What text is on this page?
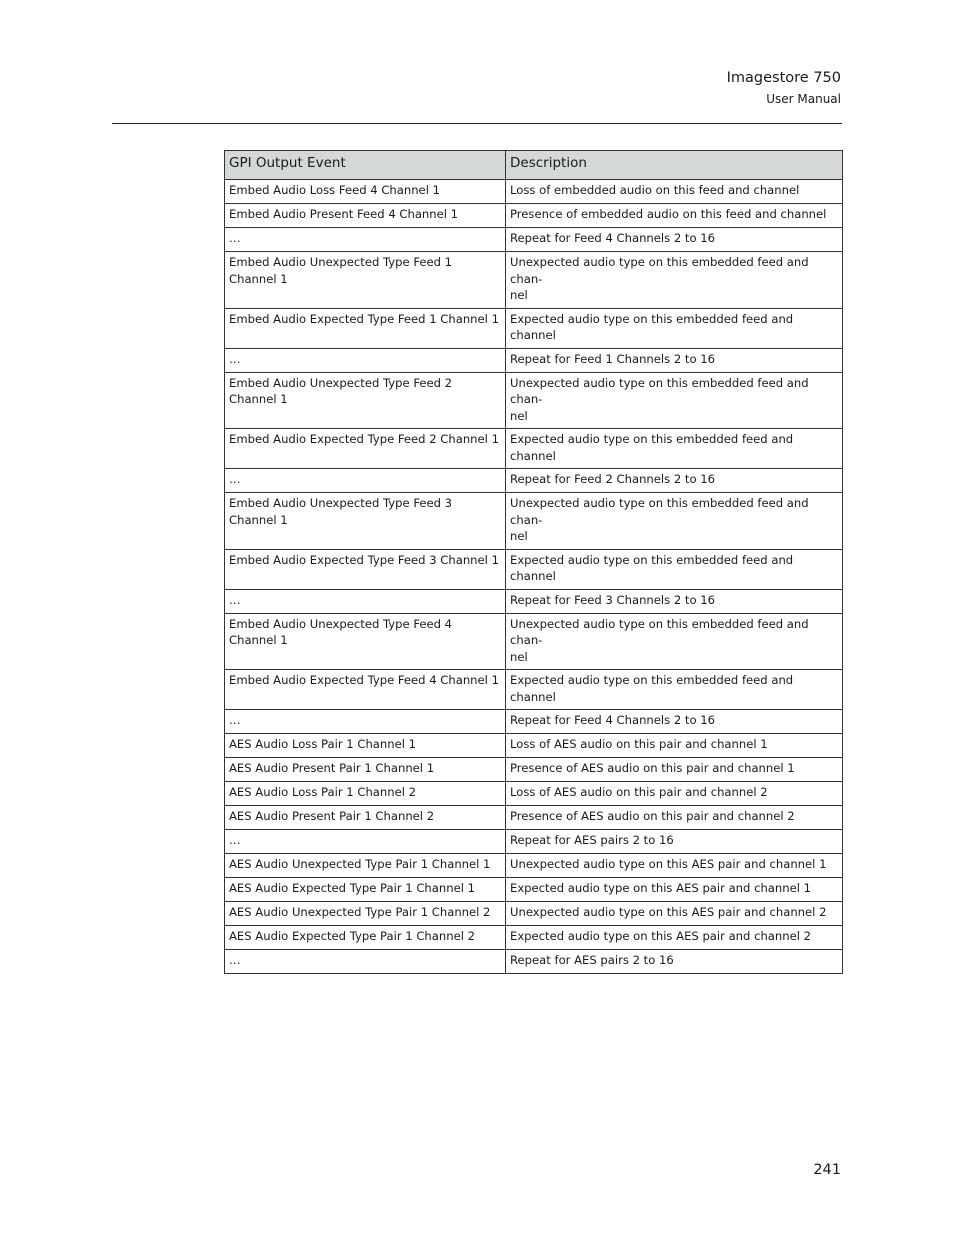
Imagestore 750
User Manual
GPI Output Event	Description
Embed Audio Loss Feed 4 Channel 1	Loss of embedded audio on this feed and channel
Embed Audio Present Feed 4 Channel 1	Presence of embedded audio on this feed and channel
…	Repeat for Feed 4 Channels 2 to 16
Embed Audio Unexpected Type Feed 1 Channel 1	Unexpected audio type on this embedded feed and chan-
nel
Embed Audio Expected Type Feed 1 Channel 1	Expected audio type on this embedded feed and channel
…	Repeat for Feed 1 Channels 2 to 16
Embed Audio Unexpected Type Feed 2 Channel 1	Unexpected audio type on this embedded feed and chan-
nel
Embed Audio Expected Type Feed 2 Channel 1	Expected audio type on this embedded feed and channel
…	Repeat for Feed 2 Channels 2 to 16
Embed Audio Unexpected Type Feed 3 Channel 1	Unexpected audio type on this embedded feed and chan-
nel
Embed Audio Expected Type Feed 3 Channel 1	Expected audio type on this embedded feed and channel
…	Repeat for Feed 3 Channels 2 to 16
Embed Audio Unexpected Type Feed 4 Channel 1	Unexpected audio type on this embedded feed and chan-
nel
Embed Audio Expected Type Feed 4 Channel 1	Expected audio type on this embedded feed and channel
…	Repeat for Feed 4 Channels 2 to 16
AES Audio Loss Pair 1 Channel 1	Loss of AES audio on this pair and channel 1
AES Audio Present Pair 1 Channel 1	Presence of AES audio on this pair and channel 1
AES Audio Loss Pair 1 Channel 2	Loss of AES audio on this pair and channel 2
AES Audio Present Pair 1 Channel 2	Presence of AES audio on this pair and channel 2
…	Repeat for AES pairs 2 to 16
AES Audio Unexpected Type Pair 1 Channel 1	Unexpected audio type on this AES pair and channel 1
AES Audio Expected Type Pair 1 Channel 1	Expected audio type on this AES pair and channel 1
AES Audio Unexpected Type Pair 1 Channel 2	Unexpected audio type on this AES pair and channel 2
AES Audio Expected Type Pair 1 Channel 2	Expected audio type on this AES pair and channel 2
…	Repeat for AES pairs 2 to 16
241
